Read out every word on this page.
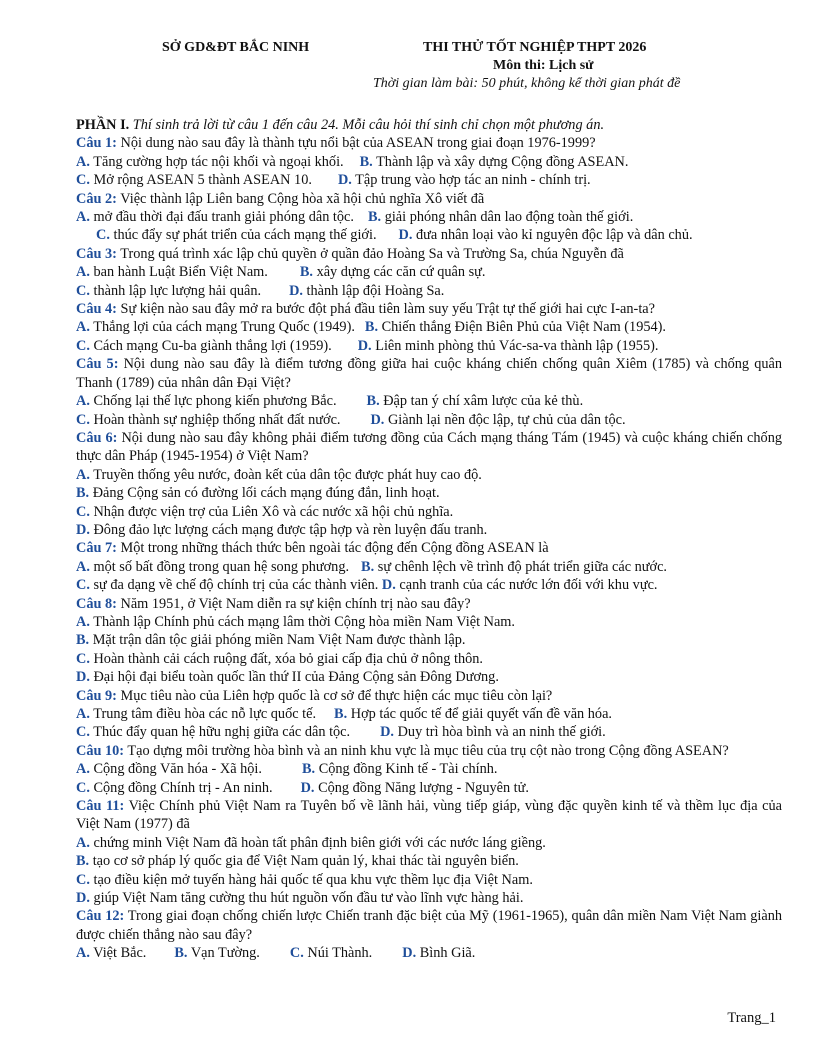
SỞ GD&ĐT BẮC NINH	THI THỬ TỐT NGHIỆP THPT 2026
Môn thi: Lịch sử
Thời gian làm bài: 50 phút, không kể thời gian phát đề
PHẦN I. Thí sinh trả lời từ câu 1 đến câu 24. Mỗi câu hỏi thí sinh chỉ chọn một phương án.
Câu 1: Nội dung nào sau đây là thành tựu nổi bật của ASEAN trong giai đoạn 1976-1999?
A. Tăng cường hợp tác nội khối và ngoại khối. B. Thành lập và xây dựng Cộng đồng ASEAN.
C. Mở rộng ASEAN 5 thành ASEAN 10. D. Tập trung vào hợp tác an ninh - chính trị.
Câu 2: Việc thành lập Liên bang Cộng hòa xã hội chủ nghĩa Xô viết đã
A. mở đầu thời đại đấu tranh giải phóng dân tộc. B. giải phóng nhân dân lao động toàn thế giới.
C. thúc đẩy sự phát triển của cách mạng thế giới. D. đưa nhân loại vào kỉ nguyên độc lập và dân chủ.
Câu 3: Trong quá trình xác lập chủ quyền ở quần đảo Hoàng Sa và Trường Sa, chúa Nguyễn đã
A. ban hành Luật Biển Việt Nam. B. xây dựng các căn cứ quân sự.
C. thành lập lực lượng hải quân. D. thành lập đội Hoàng Sa.
Câu 4: Sự kiện nào sau đây mở ra bước đột phá đầu tiên làm suy yếu Trật tự thế giới hai cực I-an-ta?
A. Thắng lợi của cách mạng Trung Quốc (1949). B. Chiến thắng Điện Biên Phủ của Việt Nam (1954).
C. Cách mạng Cu-ba giành thắng lợi (1959). D. Liên minh phòng thủ Vác-sa-va thành lập (1955).
Câu 5: Nội dung nào sau đây là điểm tương đồng giữa hai cuộc kháng chiến chống quân Xiêm (1785) và chống quân Thanh (1789) của nhân dân Đại Việt?
A. Chống lại thế lực phong kiến phương Bắc. B. Đập tan ý chí xâm lược của kẻ thù.
C. Hoàn thành sự nghiệp thống nhất đất nước. D. Giành lại nền độc lập, tự chủ của dân tộc.
Câu 6: Nội dung nào sau đây không phải điểm tương đồng của Cách mạng tháng Tám (1945) và cuộc kháng chiến chống thực dân Pháp (1945-1954) ở Việt Nam?
A. Truyền thống yêu nước, đoàn kết của dân tộc được phát huy cao độ.
B. Đảng Cộng sản có đường lối cách mạng đúng đắn, linh hoạt.
C. Nhận được viện trợ của Liên Xô và các nước xã hội chủ nghĩa.
D. Đông đảo lực lượng cách mạng được tập hợp và rèn luyện đấu tranh.
Câu 7: Một trong những thách thức bên ngoài tác động đến Cộng đồng ASEAN là
A. một số bất đồng trong quan hệ song phương. B. sự chênh lệch về trình độ phát triển giữa các nước.
C. sự đa dạng về chế độ chính trị của các thành viên. D. cạnh tranh của các nước lớn đối với khu vực.
Câu 8: Năm 1951, ở Việt Nam diễn ra sự kiện chính trị nào sau đây?
A. Thành lập Chính phủ cách mạng lâm thời Cộng hòa miền Nam Việt Nam.
B. Mặt trận dân tộc giải phóng miền Nam Việt Nam được thành lập.
C. Hoàn thành cải cách ruộng đất, xóa bỏ giai cấp địa chủ ở nông thôn.
D. Đại hội đại biểu toàn quốc lần thứ II của Đảng Cộng sản Đông Dương.
Câu 9: Mục tiêu nào của Liên hợp quốc là cơ sở để thực hiện các mục tiêu còn lại?
A. Trung tâm điều hòa các nỗ lực quốc tế. B. Hợp tác quốc tế để giải quyết vấn đề văn hóa.
C. Thúc đẩy quan hệ hữu nghị giữa các dân tộc. D. Duy trì hòa bình và an ninh thế giới.
Câu 10: Tạo dựng môi trường hòa bình và an ninh khu vực là mục tiêu của trụ cột nào trong Cộng đồng ASEAN?
A. Cộng đồng Văn hóa - Xã hội.	B. Cộng đồng Kinh tế - Tài chính.
C. Cộng đồng Chính trị - An ninh. D. Cộng đồng Năng lượng - Nguyên tử.
Câu 11: Việc Chính phủ Việt Nam ra Tuyên bố về lãnh hải, vùng tiếp giáp, vùng đặc quyền kinh tế và thềm lục địa của Việt Nam (1977) đã
A. chứng minh Việt Nam đã hoàn tất phân định biên giới với các nước láng giềng.
B. tạo cơ sở pháp lý quốc gia để Việt Nam quản lý, khai thác tài nguyên biển.
C. tạo điều kiện mở tuyến hàng hải quốc tế qua khu vực thềm lục địa Việt Nam.
D. giúp Việt Nam tăng cường thu hút nguồn vốn đầu tư vào lĩnh vực hàng hải.
Câu 12: Trong giai đoạn chống chiến lược Chiến tranh đặc biệt của Mỹ (1961-1965), quân dân miền Nam Việt Nam giành được chiến thắng nào sau đây?
A. Việt Bắc. B. Vạn Tường. C. Núi Thành. D. Bình Giã.
Trang_1
